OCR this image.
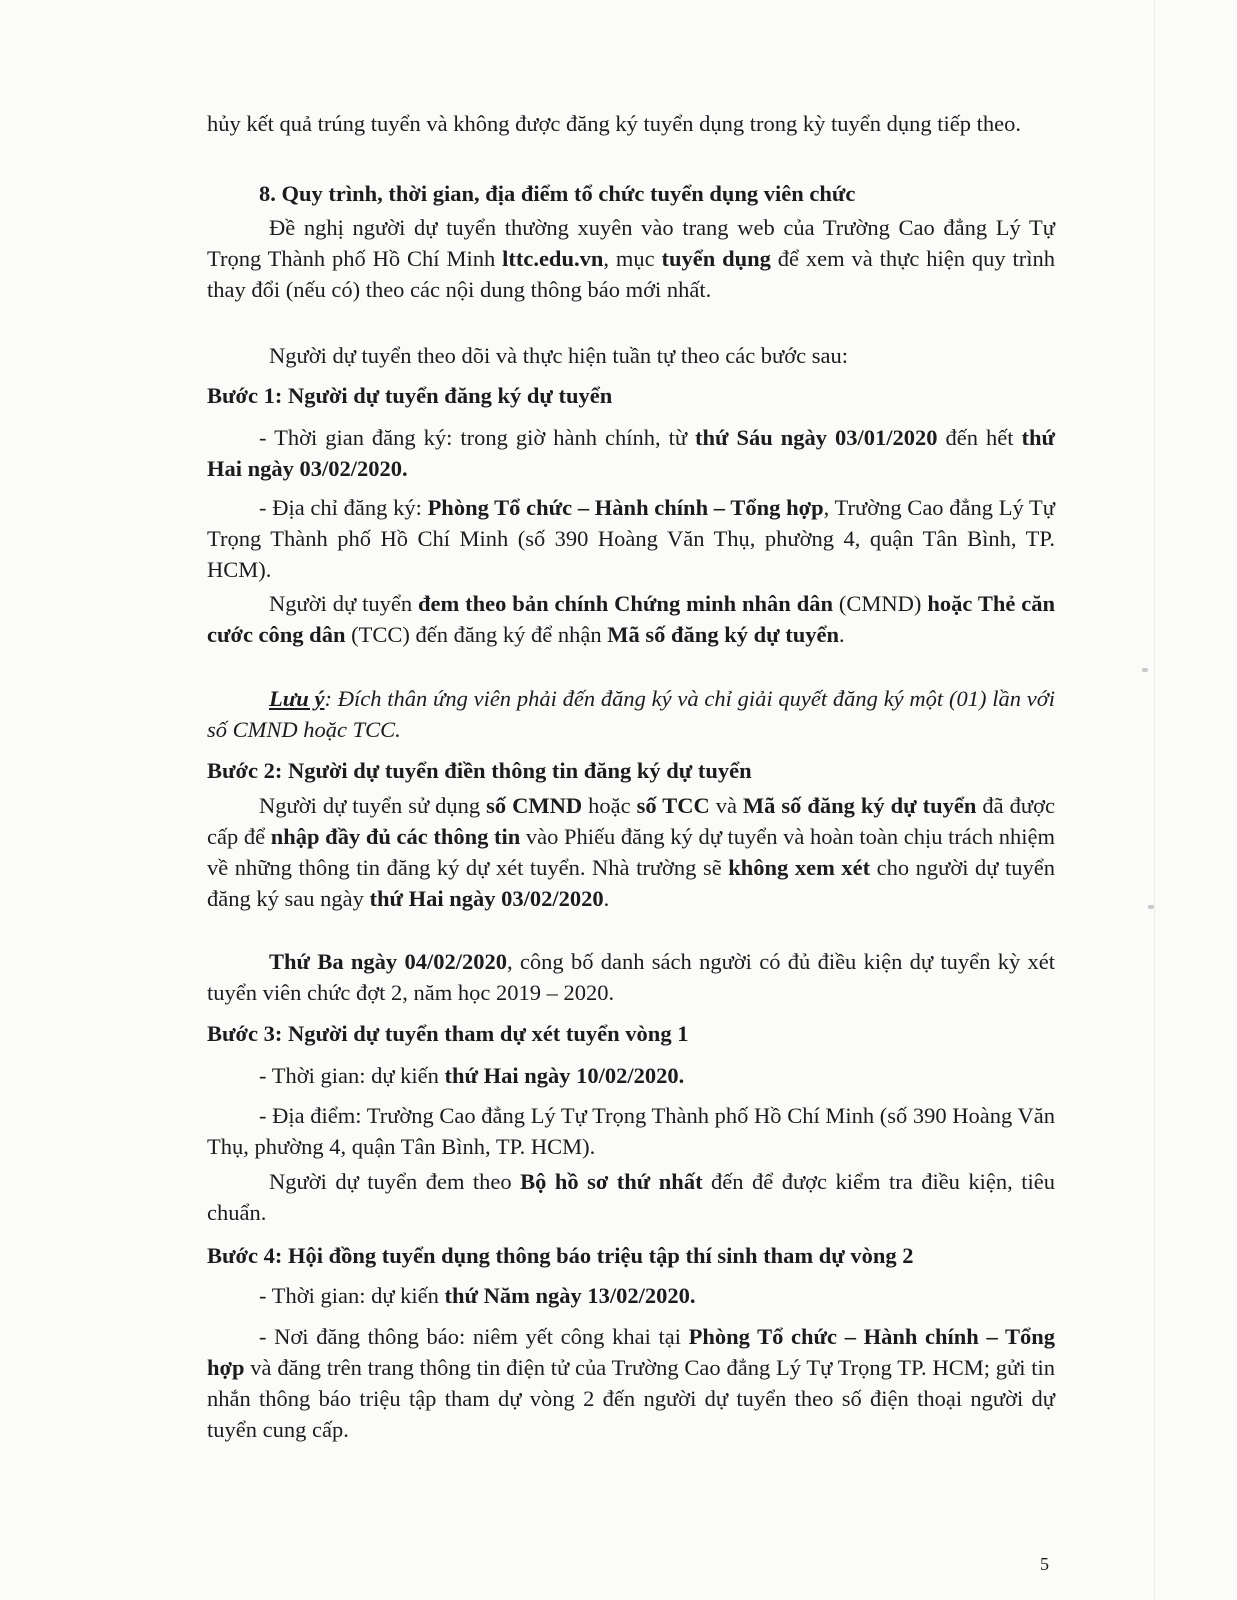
hủy kết quả trúng tuyển và không được đăng ký tuyển dụng trong kỳ tuyển dụng tiếp theo.

8. Quy trình, thời gian, địa điểm tổ chức tuyển dụng viên chức

Đề nghị người dự tuyển thường xuyên vào trang web của Trường Cao đẳng Lý Tự Trọng Thành phố Hồ Chí Minh lttc.edu.vn, mục tuyển dụng để xem và thực hiện quy trình thay đổi (nếu có) theo các nội dung thông báo mới nhất.

Người dự tuyển theo dõi và thực hiện tuần tự theo các bước sau:

Bước 1: Người dự tuyển đăng ký dự tuyển

- Thời gian đăng ký: trong giờ hành chính, từ thứ Sáu ngày 03/01/2020 đến hết thứ Hai ngày 03/02/2020.

- Địa chỉ đăng ký: Phòng Tổ chức – Hành chính – Tổng hợp, Trường Cao đẳng Lý Tự Trọng Thành phố Hồ Chí Minh (số 390 Hoàng Văn Thụ, phường 4, quận Tân Bình, TP. HCM).

Người dự tuyển đem theo bản chính Chứng minh nhân dân (CMND) hoặc Thẻ căn cước công dân (TCC) đến đăng ký để nhận Mã số đăng ký dự tuyển.

Lưu ý: Đích thân ứng viên phải đến đăng ký và chỉ giải quyết đăng ký một (01) lần với số CMND hoặc TCC.

Bước 2: Người dự tuyển điền thông tin đăng ký dự tuyển

Người dự tuyển sử dụng số CMND hoặc số TCC và Mã số đăng ký dự tuyển đã được cấp để nhập đầy đủ các thông tin vào Phiếu đăng ký dự tuyển và hoàn toàn chịu trách nhiệm về những thông tin đăng ký dự xét tuyển. Nhà trường sẽ không xem xét cho người dự tuyển đăng ký sau ngày thứ Hai ngày 03/02/2020.

Thứ Ba ngày 04/02/2020, công bố danh sách người có đủ điều kiện dự tuyển kỳ xét tuyển viên chức đợt 2, năm học 2019 – 2020.

Bước 3: Người dự tuyển tham dự xét tuyển vòng 1

- Thời gian: dự kiến thứ Hai ngày 10/02/2020.

- Địa điểm: Trường Cao đẳng Lý Tự Trọng Thành phố Hồ Chí Minh (số 390 Hoàng Văn Thụ, phường 4, quận Tân Bình, TP. HCM).

Người dự tuyển đem theo Bộ hồ sơ thứ nhất đến để được kiểm tra điều kiện, tiêu chuẩn.

Bước 4: Hội đồng tuyển dụng thông báo triệu tập thí sinh tham dự vòng 2

- Thời gian: dự kiến thứ Năm ngày 13/02/2020.

- Nơi đăng thông báo: niêm yết công khai tại Phòng Tổ chức – Hành chính – Tổng hợp và đăng trên trang thông tin điện tử của Trường Cao đẳng Lý Tự Trọng TP. HCM; gửi tin nhắn thông báo triệu tập tham dự vòng 2 đến người dự tuyển theo số điện thoại người dự tuyển cung cấp.

5
